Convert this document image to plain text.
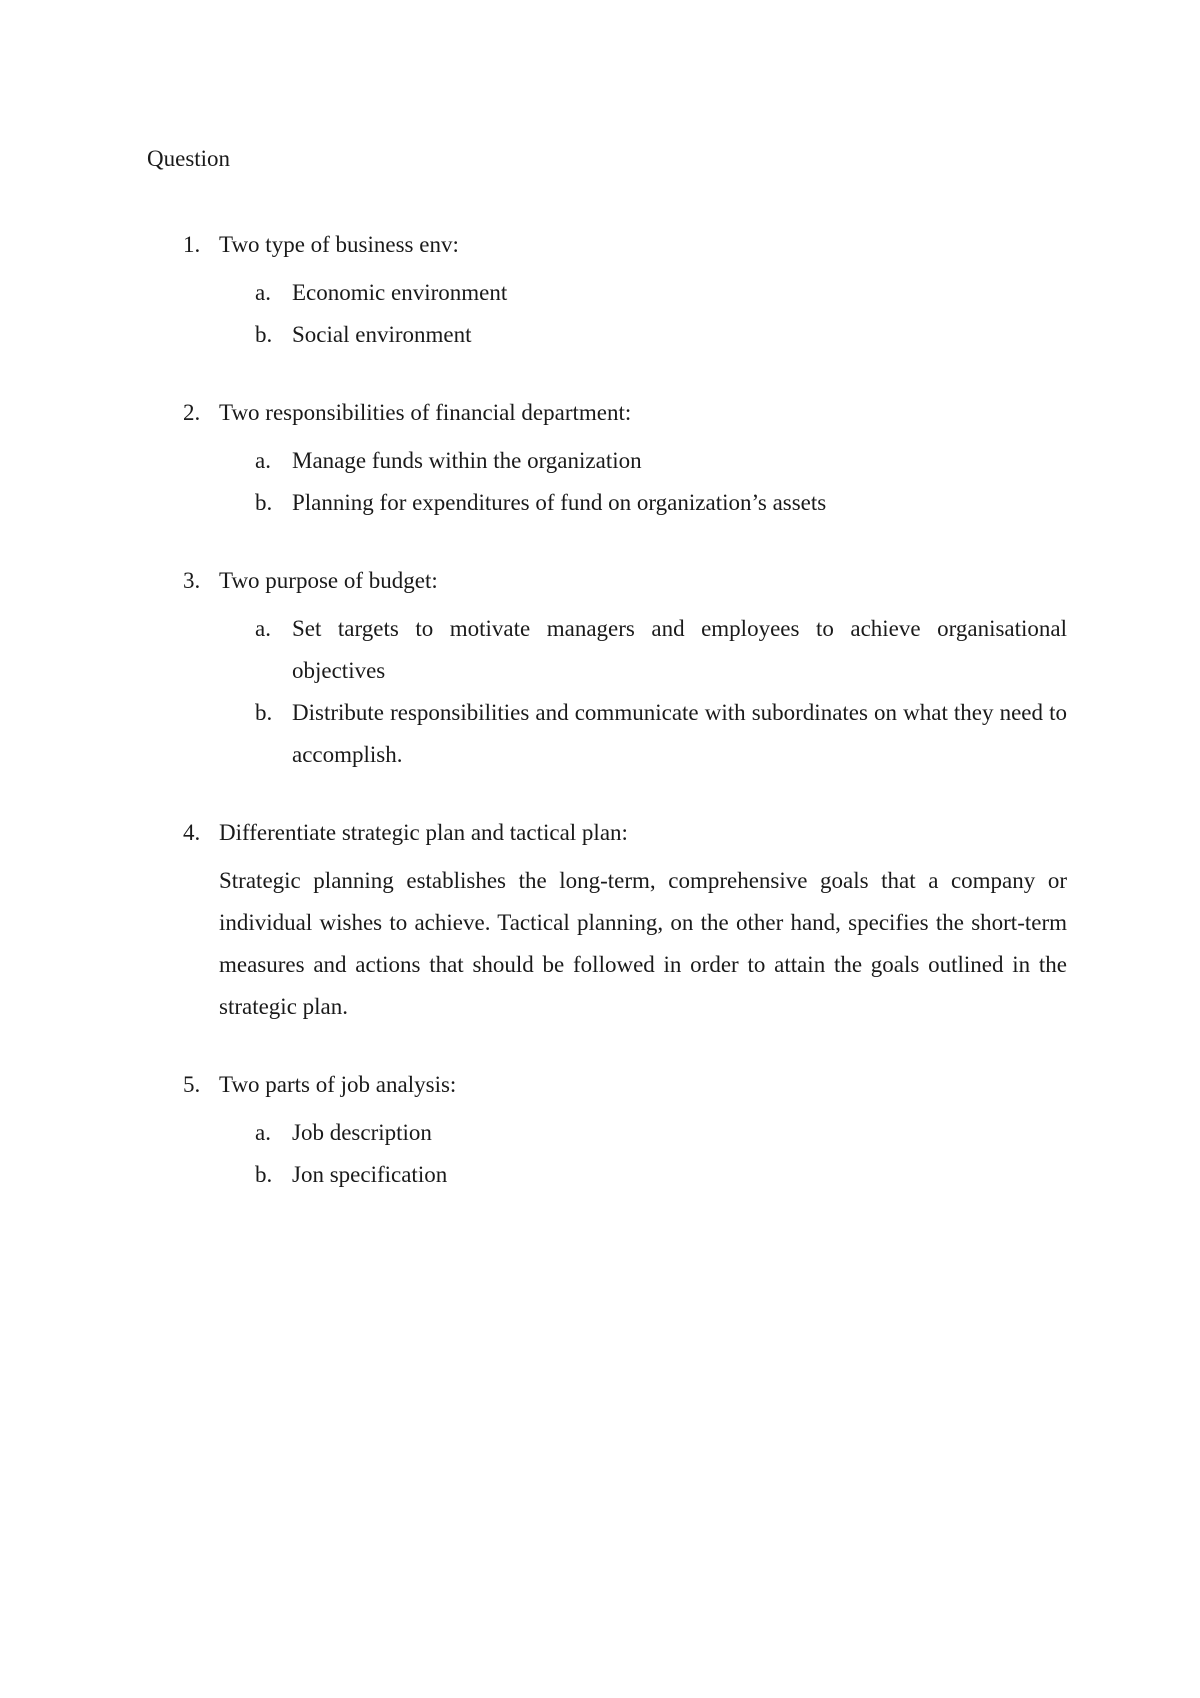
Question
1. Two type of business env:
a. Economic environment
b. Social environment
2. Two responsibilities of financial department:
a. Manage funds within the organization
b. Planning for expenditures of fund on organization’s assets
3. Two purpose of budget:
a. Set targets to motivate managers and employees to achieve organisational objectives
b. Distribute responsibilities and communicate with subordinates on what they need to accomplish.
4. Differentiate strategic plan and tactical plan:
Strategic planning establishes the long-term, comprehensive goals that a company or individual wishes to achieve. Tactical planning, on the other hand, specifies the short-term measures and actions that should be followed in order to attain the goals outlined in the strategic plan.
5. Two parts of job analysis:
a. Job description
b. Jon specification
